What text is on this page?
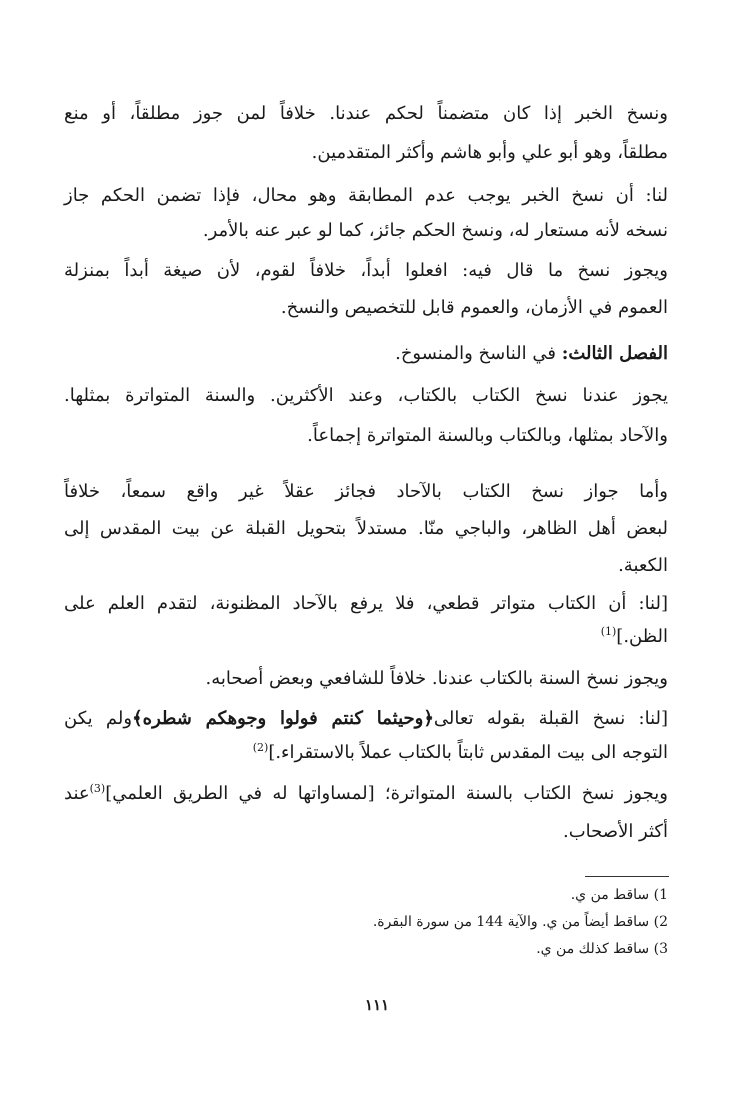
ونسخ الخبر إذا كان متضمناً لحكم عندنا. خلافاً لمن جوز مطلقاً، أو منع
مطلقاً، وهو أبو علي وأبو هاشم وأكثر المتقدمين.
لنا: أن نسخ الخبر يوجب عدم المطابقة وهو محال، فإذا تضمن الحكم جاز
نسخه لأنه مستعار له، ونسخ الحكم جائز، كما لو عبر عنه بالأمر.
ويجوز نسخ ما قال فيه: افعلوا أبداً، خلافاً لقوم، لأن صيغة أبداً بمنزلة
العموم في الأزمان، والعموم قابل للتخصيص والنسخ.
الفصل الثالث: في الناسخ والمنسوخ.
يجوز عندنا نسخ الكتاب بالكتاب، وعند الأكثرين. والسنة المتواترة بمثلها.
والآحاد بمثلها، وبالكتاب وبالسنة المتواترة إجماعاً.
وأما جواز نسخ الكتاب بالآحاد فجائز عقلاً غير واقع سمعاً، خلافاً
لبعض أهل الظاهر، والباجي منّا. مستدلاً بتحويل القبلة عن بيت المقدس إلى
الكعبة.
[لنا: أن الكتاب متواتر قطعي، فلا يرفع بالآحاد المظنونة، لتقدم العلم على
الظن.]$^{(1)}$
ويجوز نسخ السنة بالكتاب عندنا. خلافاً للشافعي وبعض أصحابه.
[لنا: نسخ القبلة بقوله تعالى﴿وحيثما كنتم فولوا وجوهكم شطره﴾ولم يكن
التوجه الى بيت المقدس ثابتاً بالكتاب عملاً بالاستقراء.]$^{(2)}$
ويجوز نسخ الكتاب بالسنة المتواترة؛ [لمساواتها له في الطريق العلمي]$^{(3)}$عند
أكثر الأصحاب.
1) ساقط من ي.
2) ساقط أيضاً من ي. والآية 144 من سورة البقرة.
3) ساقط كذلك من ي.
١١١
